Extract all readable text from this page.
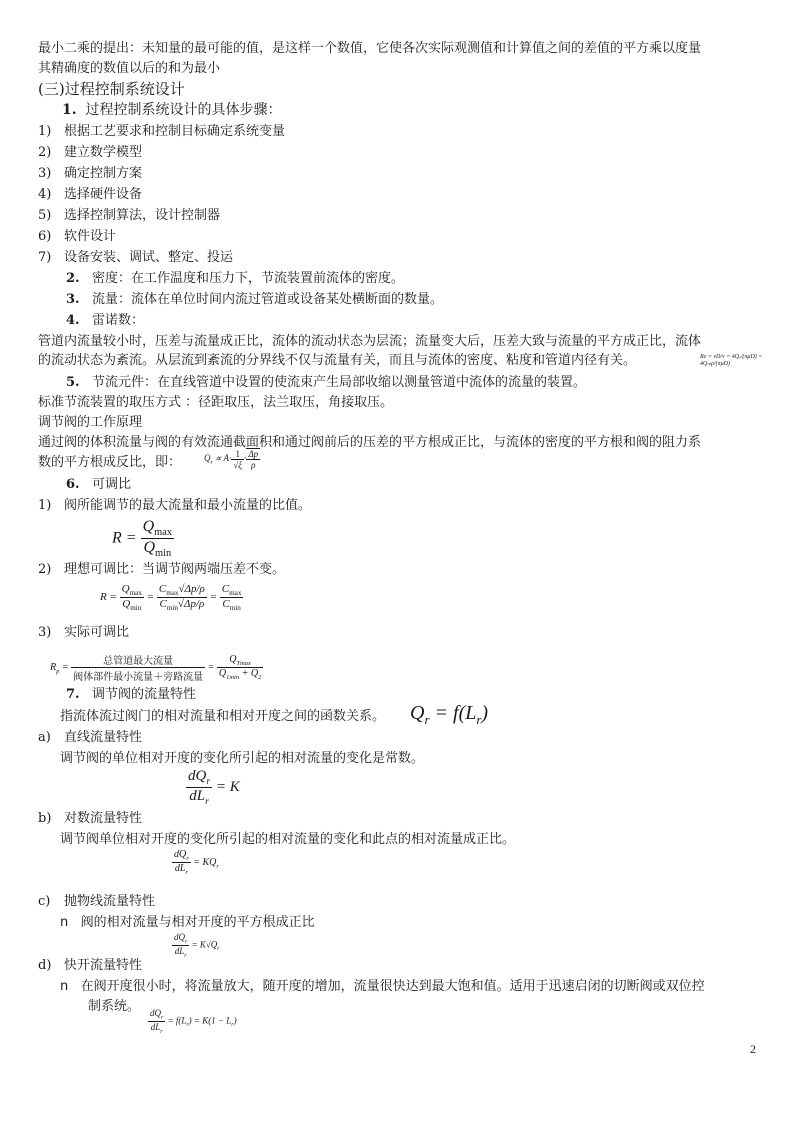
最小二乘的提出：未知量的最可能的值，是这样一个数值，它使各次实际观测值和计算值之间的差值的平方乘以度量
其精确度的数值以后的和为最小
(三)过程控制系统设计
1. 过程控制系统设计的具体步骤：
1) 根据工艺要求和控制目标确定系统变量
2) 建立数学模型
3) 确定控制方案
4) 选择硬件设备
5) 选择控制算法，设计控制器
6) 软件设计
7) 设备安装、调试、整定、投运
2. 密度：在工作温度和压力下，节流装置前流体的密度。
3. 流量：流体在单位时间内流过管道或设备某处横断面的数量。
4. 雷诺数：
管道内流量较小时，压差与流量成正比，流体的流动状态为层流；流量变大后，压差大致与流量的平方成正比，流体
的流动状态为紊流。从层流到紊流的分界线不仅与流量有关，而且与流体的密度、粘度和管道内径有关。	Re = vD/ν = 4Qᵥ/(πμD) = 4Qₘρ/(πμD)
5. 节流元件：在直线管道中设置的使流束产生局部收缩以测量管道中流体的流量的装置。
标准节流装置的取压方式 ：径距取压，法兰取压，角接取压。
调节阀的工作原理
通过阀的体积流量与阀的有效流通截面积和通过阀前后的压差的平方根成正比，与流体的密度的平方根和阀的阻力系
数的平方根成反比，即：	$Q_r \propto A\cdot \frac{1}{√\xi} \cdot \frac{\Delta p}{\rho}$
6. 可调比
1) 阀所能调节的最大流量和最小流量的比值。
$R = \frac{Q_{max}}{Q_{min}}$
2) 理想可调比：当调节阀两端压差不变。
$R = \frac{Q_{max}}{Q_{min}} = \frac{C_{max}√\Delta p/\rho}{C_{min}√\Delta p/\rho} = \frac{C_{max}}{C_{min}}$
3) 实际可调比
$R_p = \frac{\text{总管道最大流量}}{\text{阀体部件最小流量＋旁路流量}} = \frac{Q_{Tmax}}{Q_{1min} + Q_2}$
7. 调节阀的流量特性
指流体流过阀门的相对流量和相对开度之间的函数关系。 $Q_r = f(L_r)$
a) 直线流量特性
调节阀的单位相对开度的变化所引起的相对流量的变化是常数。
$\frac{dQ_r}{dL_r} = K$
b) 对数流量特性
调节阀单位相对开度的变化所引起的相对流量的变化和此点的相对流量成正比。
$\frac{dQ_r}{dL_r} = KQ_r$
c) 抛物线流量特性
n 阀的相对流量与相对开度的平方根成正比
$\frac{dQ_r}{dL_r} = K√Q_r$
d) 快开流量特性
n 在阀开度很小时，将流量放大，随开度的增加，流量很快达到最大饱和值。适用于迅速启闭的切断阀或双位控
制系统。
$\frac{dQ_r}{dL_r} = f(L_r) = K(1 - L_r)$
2
